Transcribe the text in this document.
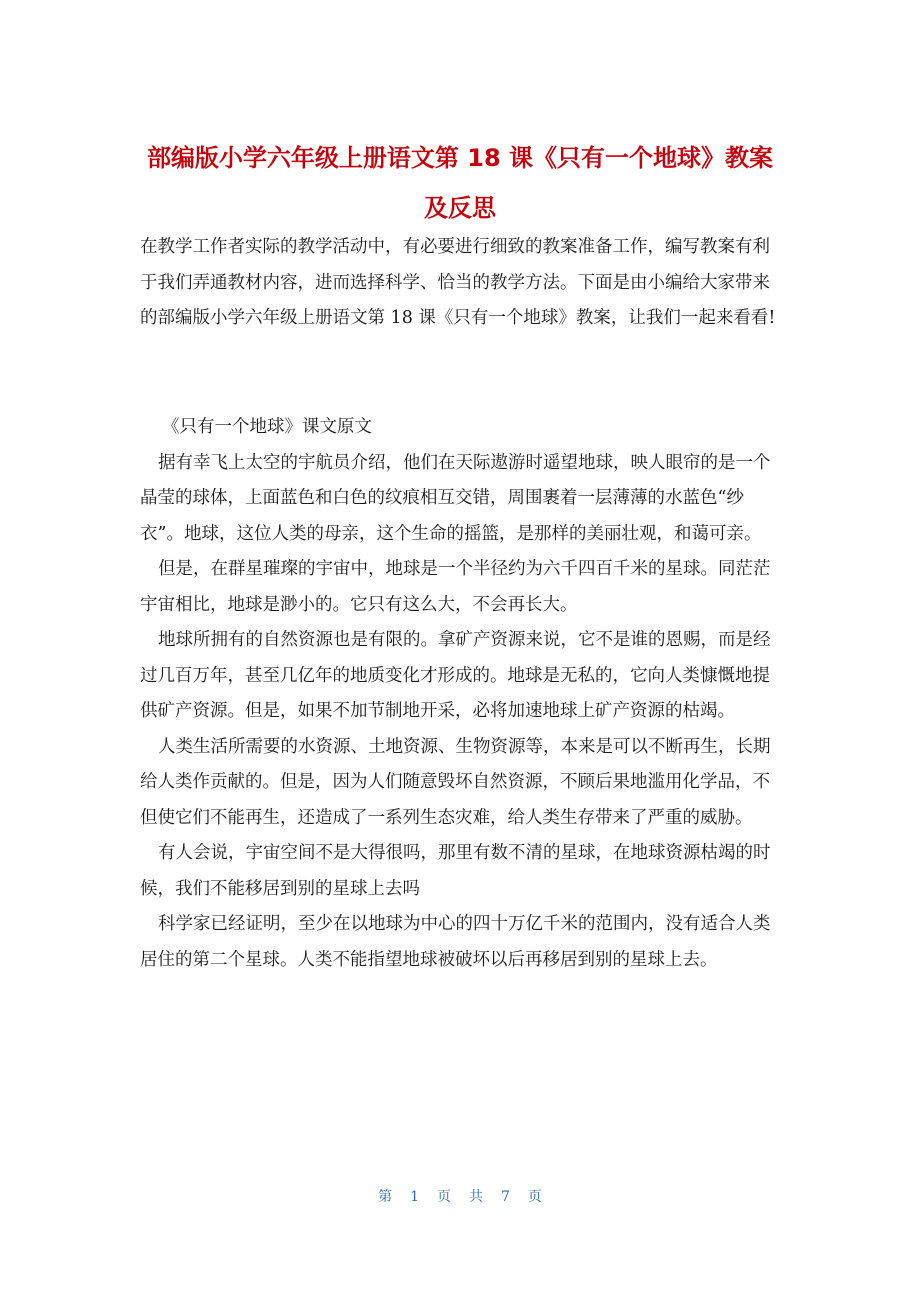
部编版小学六年级上册语文第 18 课《只有一个地球》教案
及反思

在教学工作者实际的教学活动中，有必要进行细致的教案准备工作，编写教案有利于我们弄通教材内容，进而选择科学、恰当的教学方法。下面是由小编给大家带来的部编版小学六年级上册语文第 18 课《只有一个地球》教案，让我们一起来看看!

《只有一个地球》课文原文

据有幸飞上太空的宇航员介绍，他们在天际遨游时遥望地球，映人眼帘的是一个晶莹的球体，上面蓝色和白色的纹痕相互交错，周围裹着一层薄薄的水蓝色“纱衣”。地球，这位人类的母亲，这个生命的摇篮，是那样的美丽壮观，和蔼可亲。

但是，在群星璀璨的宇宙中，地球是一个半径约为六千四百千米的星球。同茫茫宇宙相比，地球是渺小的。它只有这么大，不会再长大。

地球所拥有的自然资源也是有限的。拿矿产资源来说，它不是谁的恩赐，而是经过几百万年，甚至几亿年的地质变化才形成的。地球是无私的，它向人类慷慨地提供矿产资源。但是，如果不加节制地开采，必将加速地球上矿产资源的枯竭。

人类生活所需要的水资源、土地资源、生物资源等，本来是可以不断再生，长期给人类作贡献的。但是，因为人们随意毁坏自然资源，不顾后果地滥用化学品，不但使它们不能再生，还造成了一系列生态灾难，给人类生存带来了严重的威胁。

有人会说，宇宙空间不是大得很吗，那里有数不清的星球，在地球资源枯竭的时候，我们不能移居到别的星球上去吗

科学家已经证明，至少在以地球为中心的四十万亿千米的范围内，没有适合人类居住的第二个星球。人类不能指望地球被破坏以后再移居到别的星球上去。

第 1 页 共 7 页
